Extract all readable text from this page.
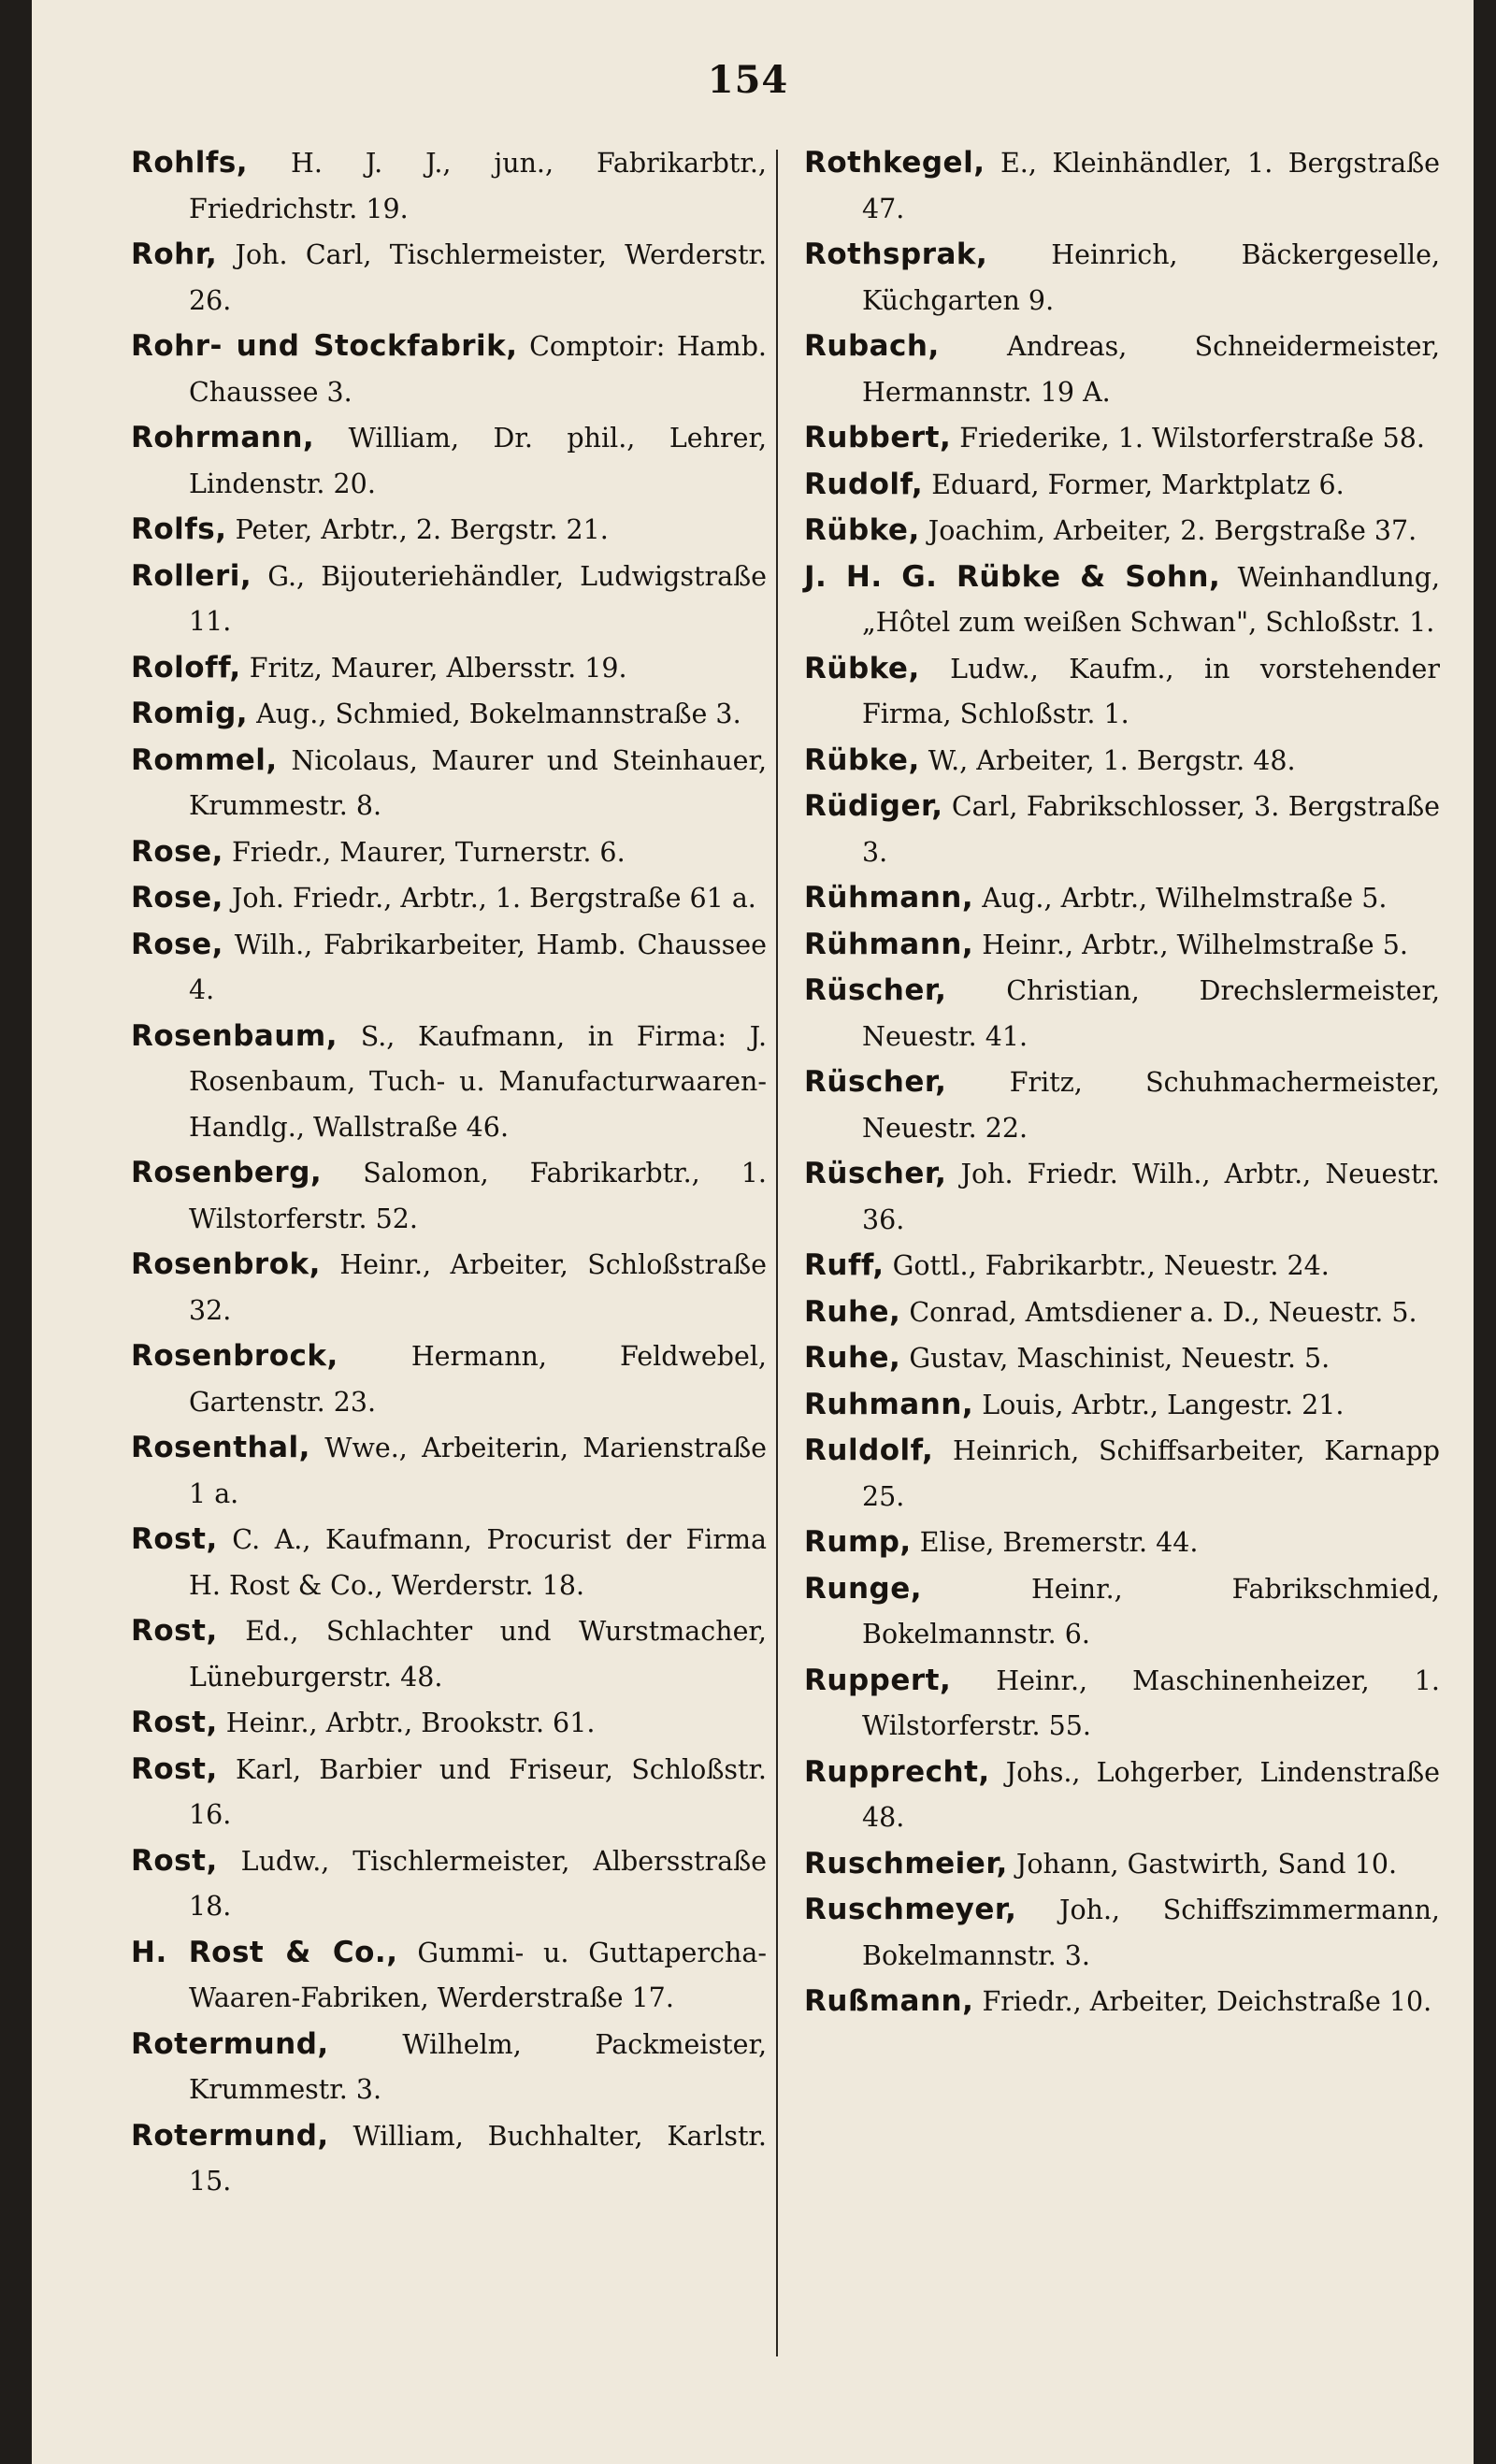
154
Rohlfs, H. J. J., jun., Fabrikarbtr., Friedrichstr. 19.
Rohr, Joh. Carl, Tischlermeister, Werderstr. 26.
Rohr- und Stockfabrik, Comptoir: Hamb. Chaussee 3.
Rohrmann, William, Dr. phil., Lehrer, Lindenstr. 20.
Rolfs, Peter, Arbtr., 2. Bergstr. 21.
Rolleri, G., Bijouteriehändler, Ludwigstraße 11.
Roloff, Fritz, Maurer, Albersstr. 19.
Romig, Aug., Schmied, Bokelmannstraße 3.
Rommel, Nicolaus, Maurer und Steinhauer, Krummestr. 8.
Rose, Friedr., Maurer, Turnerstr. 6.
Rose, Joh. Friedr., Arbtr., 1. Bergstraße 61 a.
Rose, Wilh., Fabrikarbeiter, Hamb. Chaussee 4.
Rosenbaum, S., Kaufmann, in Firma: J. Rosenbaum, Tuch- u. Manufacturwaaren-Handlg., Wallstraße 46.
Rosenberg, Salomon, Fabrikarbtr., 1. Wilstorferstr. 52.
Rosenbrok, Heinr., Arbeiter, Schloßstraße 32.
Rosenbrock,	Hermann, Feldwebel, Gartenstr. 23.
Rosenthal, Wwe., Arbeiterin, Marienstraße 1 a.
Rost, C. A., Kaufmann, Procurist der Firma H. Rost & Co., Werderstr. 18.
Rost, Ed., Schlachter und Wurstmacher, Lüneburgerstr. 48.
Rost, Heinr., Arbtr., Brookstr. 61.
Rost, Karl, Barbier und Friseur, Schloßstr. 16.
Rost, Ludw., Tischlermeister, Albersstraße 18.
H. Rost & Co., Gummi- u. Guttapercha-Waaren-Fabriken, Werderstraße 17.
Rotermund,	Wilhelm, Packmeister, Krummestr. 3.
Rotermund, William, Buchhalter, Karlstr. 15.
Rothkegel, E., Kleinhändler, 1. Bergstraße 47.
Rothsprak, Heinrich, Bäckergeselle, Küchgarten 9.
Rubach,	Andreas, Schneidermeister, Hermannstr. 19 A.
Rubbert, Friederike, 1. Wilstorferstraße 58.
Rudolf, Eduard, Former, Marktplatz 6.
Rübke, Joachim, Arbeiter, 2. Bergstraße 37.
J. H. G. Rübke & Sohn, Weinhandlung, „Hôtel zum weißen Schwan", Schloßstr. 1.
Rübke, Ludw., Kaufm., in vorstehender Firma, Schloßstr. 1.
Rübke, W., Arbeiter, 1. Bergstr. 48.
Rüdiger, Carl, Fabrikschlosser, 3. Bergstraße 3.
Rühmann, Aug., Arbtr., Wilhelmstraße 5.
Rühmann, Heinr., Arbtr., Wilhelmstraße 5.
Rüscher, Christian, Drechslermeister, Neuestr. 41.
Rüscher, Fritz, Schuhmachermeister, Neuestr. 22.
Rüscher, Joh. Friedr. Wilh., Arbtr., Neuestr. 36.
Ruff, Gottl., Fabrikarbtr., Neuestr. 24.
Ruhe, Conrad, Amtsdiener a. D., Neuestr. 5.
Ruhe, Gustav, Maschinist, Neuestr. 5.
Ruhmann, Louis, Arbtr., Langestr. 21.
Ruldolf, Heinrich, Schiffsarbeiter, Karnapp 25.
Rump, Elise, Bremerstr. 44.
Runge,	Heinr., Fabrikschmied, Bokelmannstr. 6.
Ruppert, Heinr., Maschinenheizer, 1. Wilstorferstr. 55.
Rupprecht, Johs., Lohgerber, Lindenstraße 48.
Ruschmeier, Johann, Gastwirth, Sand 10.
Ruschmeyer, Joh., Schiffszimmermann, Bokelmannstr. 3.
Rußmann, Friedr., Arbeiter, Deichstraße 10.
